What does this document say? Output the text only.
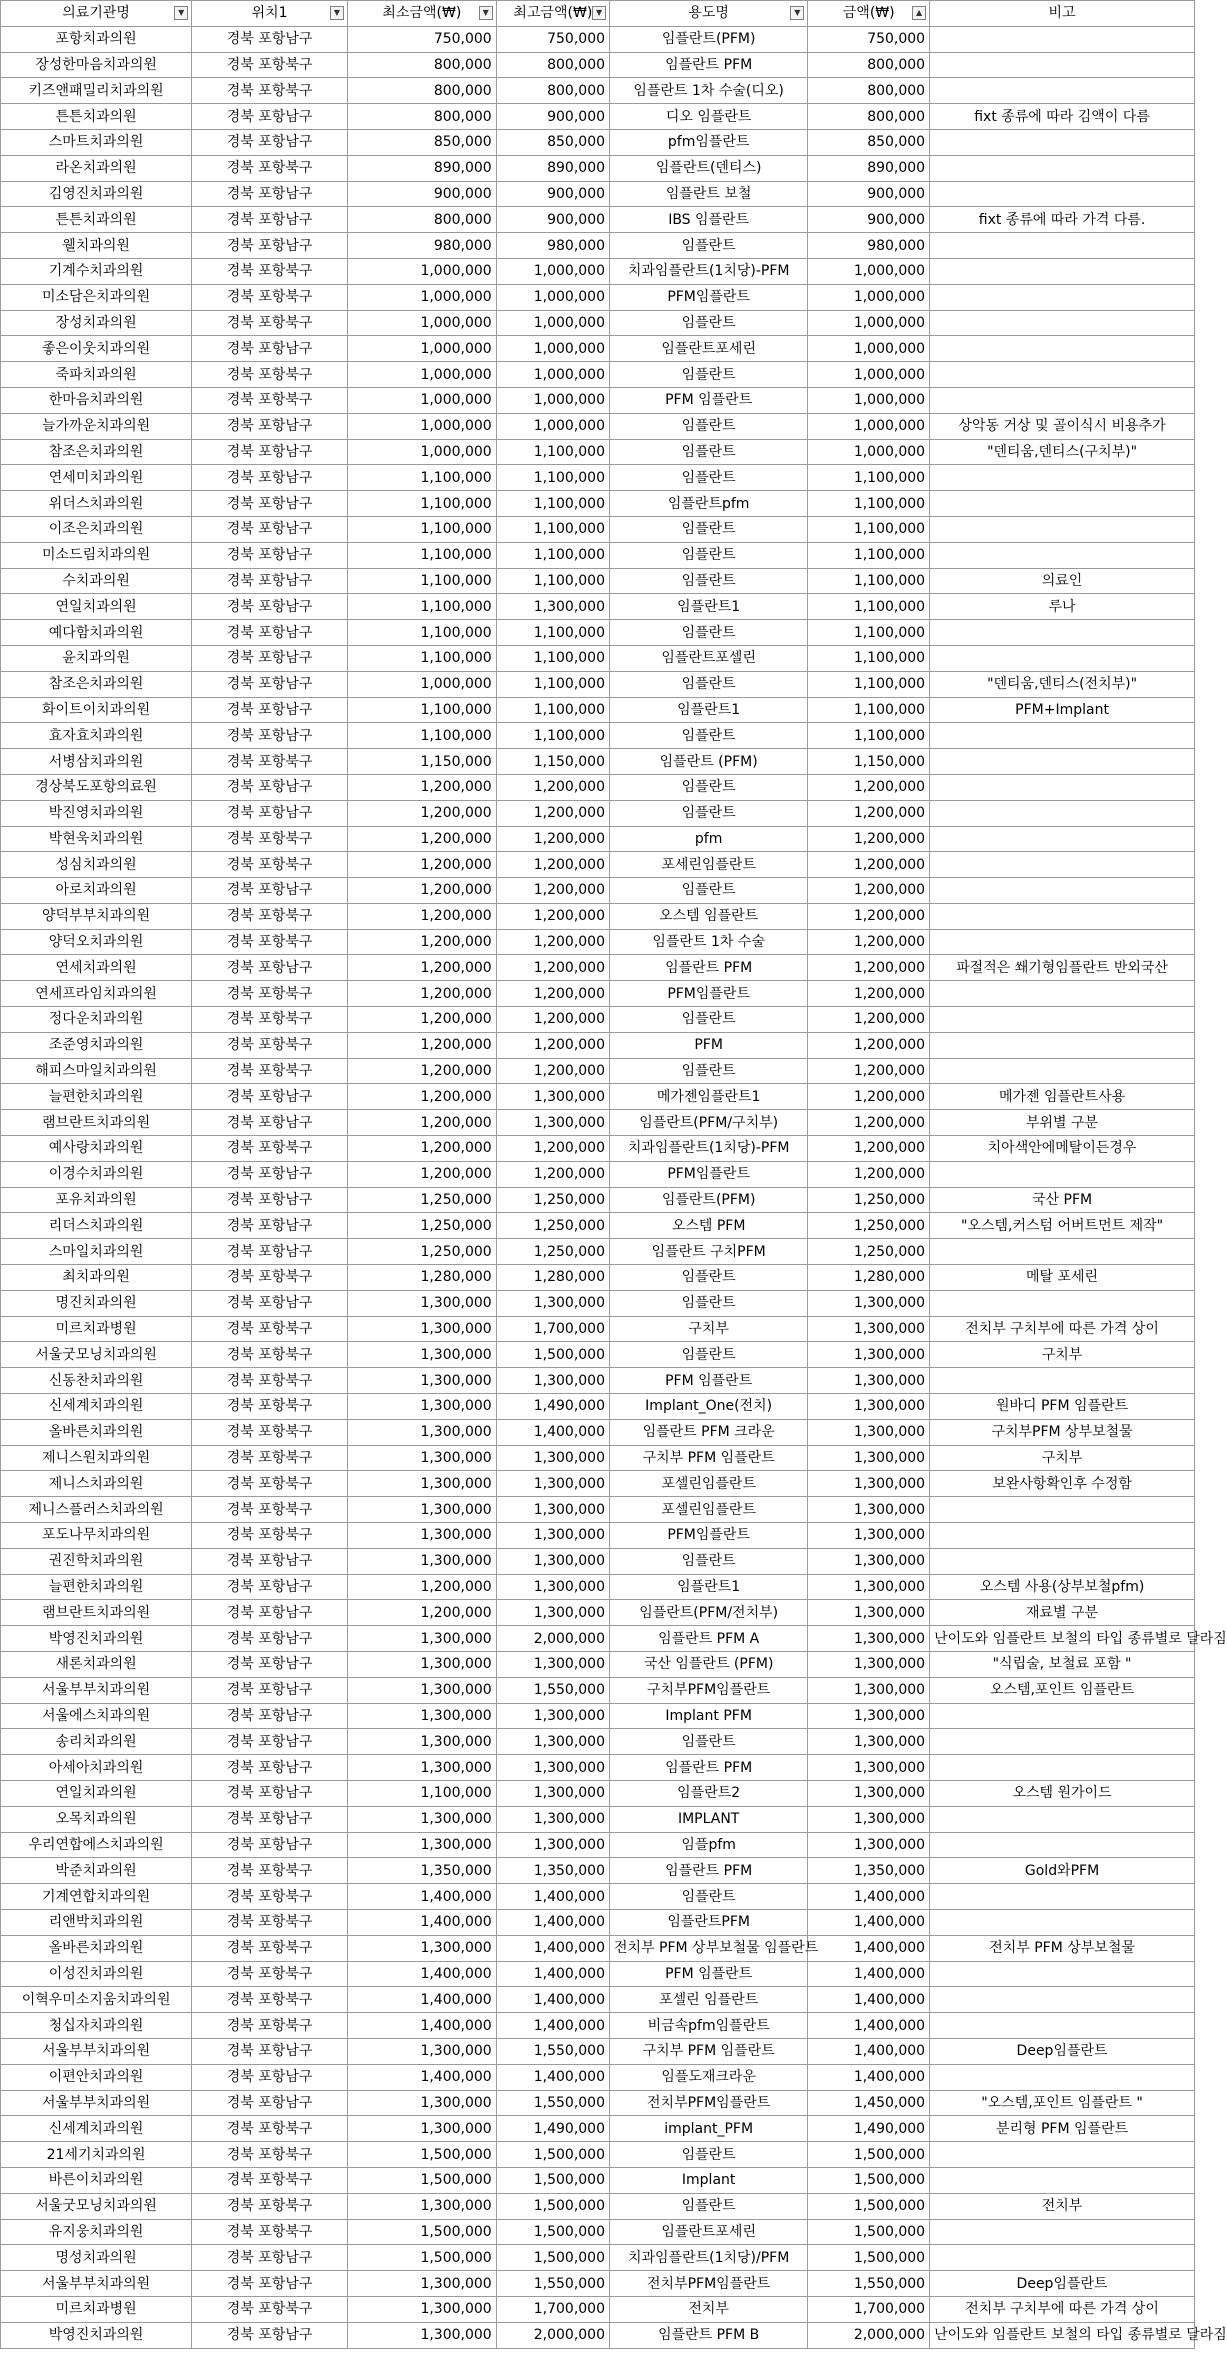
의료기관명 ▼	위치1 ▼	최소금액(₩) ▼	최고금액(₩) ▼	용도명 ▼	금액(₩) ▲	비고
포항치과의원	경북 포항남구	750,000	750,000	임플란트(PFM)	750,000	
장성한마음치과의원	경북 포항북구	800,000	800,000	임플란트 PFM	800,000	
키즈앤패밀리치과의원	경북 포항북구	800,000	800,000	임플란트 1차 수술(디오)	800,000	
튼튼치과의원	경북 포항남구	800,000	900,000	디오 임플란트	800,000	fixt 종류에 따라 김액이 다름
스마트치과의원	경북 포항남구	850,000	850,000	pfm임플란트	850,000	
라온치과의원	경북 포항북구	890,000	890,000	임플란트(덴티스)	890,000	
김영진치과의원	경북 포항남구	900,000	900,000	임플란트 보철	900,000	
튼튼치과의원	경북 포항남구	800,000	900,000	IBS 임플란트	900,000	fixt 종류에 따라 가격 다름.
웰치과의원	경북 포항남구	980,000	980,000	임플란트	980,000	
기계수치과의원	경북 포항북구	1,000,000	1,000,000	치과임플란트(1치당)-PFM	1,000,000	
미소담은치과의원	경북 포항북구	1,000,000	1,000,000	PFM임플란트	1,000,000	
장성치과의원	경북 포항북구	1,000,000	1,000,000	임플란트	1,000,000	
좋은이웃치과의원	경북 포항남구	1,000,000	1,000,000	임플란트포세린	1,000,000	
죽파치과의원	경북 포항북구	1,000,000	1,000,000	임플란트	1,000,000	
한마음치과의원	경북 포항북구	1,000,000	1,000,000	PFM 임플란트	1,000,000	
늘가까운치과의원	경북 포항남구	1,000,000	1,000,000	임플란트	1,000,000	상악동 거상 및 골이식시 비용추가
참조은치과의원	경북 포항남구	1,000,000	1,100,000	임플란트	1,000,000	"덴티움,덴티스(구치부)"
연세미치과의원	경북 포항남구	1,100,000	1,100,000	임플란트	1,100,000	
위더스치과의원	경북 포항남구	1,100,000	1,100,000	임플란트pfm	1,100,000	
이조은치과의원	경북 포항남구	1,100,000	1,100,000	임플란트	1,100,000	
미소드림치과의원	경북 포항남구	1,100,000	1,100,000	임플란트	1,100,000	
수치과의원	경북 포항남구	1,100,000	1,100,000	임플란트	1,100,000	의료인
연일치과의원	경북 포항남구	1,100,000	1,300,000	임플란트1	1,100,000	루나
예다함치과의원	경북 포항남구	1,100,000	1,100,000	임플란트	1,100,000	
윤치과의원	경북 포항남구	1,100,000	1,100,000	임플란트포셀린	1,100,000	
참조은치과의원	경북 포항남구	1,000,000	1,100,000	임플란트	1,100,000	"덴티움,덴티스(전치부)"
화이트이치과의원	경북 포항남구	1,100,000	1,100,000	임플란트1	1,100,000	PFM+Implant
효자효치과의원	경북 포항남구	1,100,000	1,100,000	임플란트	1,100,000	
서병삼치과의원	경북 포항북구	1,150,000	1,150,000	임플란트 (PFM)	1,150,000	
경상북도포항의료원	경북 포항남구	1,200,000	1,200,000	임플란트	1,200,000	
박진영치과의원	경북 포항남구	1,200,000	1,200,000	임플란트	1,200,000	
박현욱치과의원	경북 포항북구	1,200,000	1,200,000	pfm	1,200,000	
성심치과의원	경북 포항북구	1,200,000	1,200,000	포세린임플란트	1,200,000	
아로치과의원	경북 포항남구	1,200,000	1,200,000	임플란트	1,200,000	
양덕부부치과의원	경북 포항북구	1,200,000	1,200,000	오스템 임플란트	1,200,000	
양덕오치과의원	경북 포항북구	1,200,000	1,200,000	임플란트 1차 수술	1,200,000	
연세치과의원	경북 포항남구	1,200,000	1,200,000	임플란트 PFM	1,200,000	파절적은 쐐기형임플란트 반외국산
연세프라임치과의원	경북 포항북구	1,200,000	1,200,000	PFM임플란트	1,200,000	
정다운치과의원	경북 포항북구	1,200,000	1,200,000	임플란트	1,200,000	
조준영치과의원	경북 포항북구	1,200,000	1,200,000	PFM	1,200,000	
해피스마일치과의원	경북 포항북구	1,200,000	1,200,000	임플란트	1,200,000	
늘편한치과의원	경북 포항남구	1,200,000	1,300,000	메가젠임플란트1	1,200,000	메가젠 임플란트사용
램브란트치과의원	경북 포항남구	1,200,000	1,300,000	임플란트(PFM/구치부)	1,200,000	부위별 구분
예사랑치과의원	경북 포항북구	1,200,000	1,200,000	치과임플란트(1치당)-PFM	1,200,000	치아색안에메탈이든경우
이경수치과의원	경북 포항남구	1,200,000	1,200,000	PFM임플란트	1,200,000	
포유치과의원	경북 포항남구	1,250,000	1,250,000	임플란트(PFM)	1,250,000	국산 PFM
리더스치과의원	경북 포항남구	1,250,000	1,250,000	오스템 PFM	1,250,000	"오스템,커스텀 어버트먼트 제작"
스마일치과의원	경북 포항남구	1,250,000	1,250,000	임플란트 구치PFM	1,250,000	
최치과의원	경북 포항북구	1,280,000	1,280,000	임플란트	1,280,000	메탈 포세린
명진치과의원	경북 포항남구	1,300,000	1,300,000	임플란트	1,300,000	
미르치과병원	경북 포항북구	1,300,000	1,700,000	구치부	1,300,000	전치부 구치부에 따른 가격 상이
서울굿모닝치과의원	경북 포항북구	1,300,000	1,500,000	임플란트	1,300,000	구치부
신동찬치과의원	경북 포항북구	1,300,000	1,300,000	PFM 임플란트	1,300,000	
신세계치과의원	경북 포항북구	1,300,000	1,490,000	Implant_One(전치)	1,300,000	원바디 PFM 임플란트
올바른치과의원	경북 포항북구	1,300,000	1,400,000	임플란트 PFM 크라운	1,300,000	구치부PFM 상부보철물
제니스원치과의원	경북 포항북구	1,300,000	1,300,000	구치부 PFM 임플란트	1,300,000	구치부
제니스치과의원	경북 포항북구	1,300,000	1,300,000	포셀린임플란트	1,300,000	보완사항확인후 수정함
제니스플러스치과의원	경북 포항북구	1,300,000	1,300,000	포셀린임플란트	1,300,000	
포도나무치과의원	경북 포항북구	1,300,000	1,300,000	PFM임플란트	1,300,000	
권진학치과의원	경북 포항남구	1,300,000	1,300,000	임플란트	1,300,000	
늘편한치과의원	경북 포항남구	1,200,000	1,300,000	임플란트1	1,300,000	오스템 사용(상부보철pfm)
램브란트치과의원	경북 포항남구	1,200,000	1,300,000	임플란트(PFM/전치부)	1,300,000	재료별 구분
박영진치과의원	경북 포항남구	1,300,000	2,000,000	임플란트 PFM A	1,300,000	난이도와 임플란트 보철의 타입 종류별로 달라짐
새론치과의원	경북 포항남구	1,300,000	1,300,000	국산 임플란트 (PFM)	1,300,000	"식립술, 보철료 포함 "
서울부부치과의원	경북 포항남구	1,300,000	1,550,000	구치부PFM임플란트	1,300,000	오스템,포인트 임플란트
서울에스치과의원	경북 포항남구	1,300,000	1,300,000	Implant PFM	1,300,000	
송리치과의원	경북 포항남구	1,300,000	1,300,000	임플란트	1,300,000	
아세아치과의원	경북 포항남구	1,300,000	1,300,000	임플란트 PFM	1,300,000	
연일치과의원	경북 포항남구	1,100,000	1,300,000	임플란트2	1,300,000	오스템 원가이드
오목치과의원	경북 포항남구	1,300,000	1,300,000	IMPLANT	1,300,000	
우리연합에스치과의원	경북 포항남구	1,300,000	1,300,000	임플pfm	1,300,000	
박준치과의원	경북 포항북구	1,350,000	1,350,000	임플란트 PFM	1,350,000	Gold와PFM
기계연합치과의원	경북 포항북구	1,400,000	1,400,000	임플란트	1,400,000	
리앤박치과의원	경북 포항북구	1,400,000	1,400,000	임플란트PFM	1,400,000	
올바른치과의원	경북 포항북구	1,300,000	1,400,000	전치부 PFM 상부보철물 임플란트	1,400,000	전치부 PFM 상부보철물
이성진치과의원	경북 포항북구	1,400,000	1,400,000	PFM 임플란트	1,400,000	
이혁우미소지움치과의원	경북 포항북구	1,400,000	1,400,000	포셀린 임플란트	1,400,000	
청십자치과의원	경북 포항북구	1,400,000	1,400,000	비금속pfm임플란트	1,400,000	
서울부부치과의원	경북 포항남구	1,300,000	1,550,000	구치부 PFM 임플란트	1,400,000	Deep임플란트
이편안치과의원	경북 포항남구	1,400,000	1,400,000	임플도재크라운	1,400,000	
서울부부치과의원	경북 포항남구	1,300,000	1,550,000	전치부PFM임플란트	1,450,000	"오스템,포인트 임플란트 "
신세계치과의원	경북 포항북구	1,300,000	1,490,000	implant_PFM	1,490,000	분리형 PFM 임플란트
21세기치과의원	경북 포항북구	1,500,000	1,500,000	임플란트	1,500,000	
바른이치과의원	경북 포항북구	1,500,000	1,500,000	Implant	1,500,000	
서울굿모닝치과의원	경북 포항북구	1,300,000	1,500,000	임플란트	1,500,000	전치부
유지웅치과의원	경북 포항북구	1,500,000	1,500,000	임플란트포세린	1,500,000	
명성치과의원	경북 포항남구	1,500,000	1,500,000	치과임플란트(1치당)/PFM	1,500,000	
서울부부치과의원	경북 포항남구	1,300,000	1,550,000	전치부PFM임플란트	1,550,000	Deep임플란트
미르치과병원	경북 포항북구	1,300,000	1,700,000	전치부	1,700,000	전치부 구치부에 따른 가격 상이
박영진치과의원	경북 포항남구	1,300,000	2,000,000	임플란트 PFM B	2,000,000	난이도와 임플란트 보철의 타입 종류별로 달라짐
